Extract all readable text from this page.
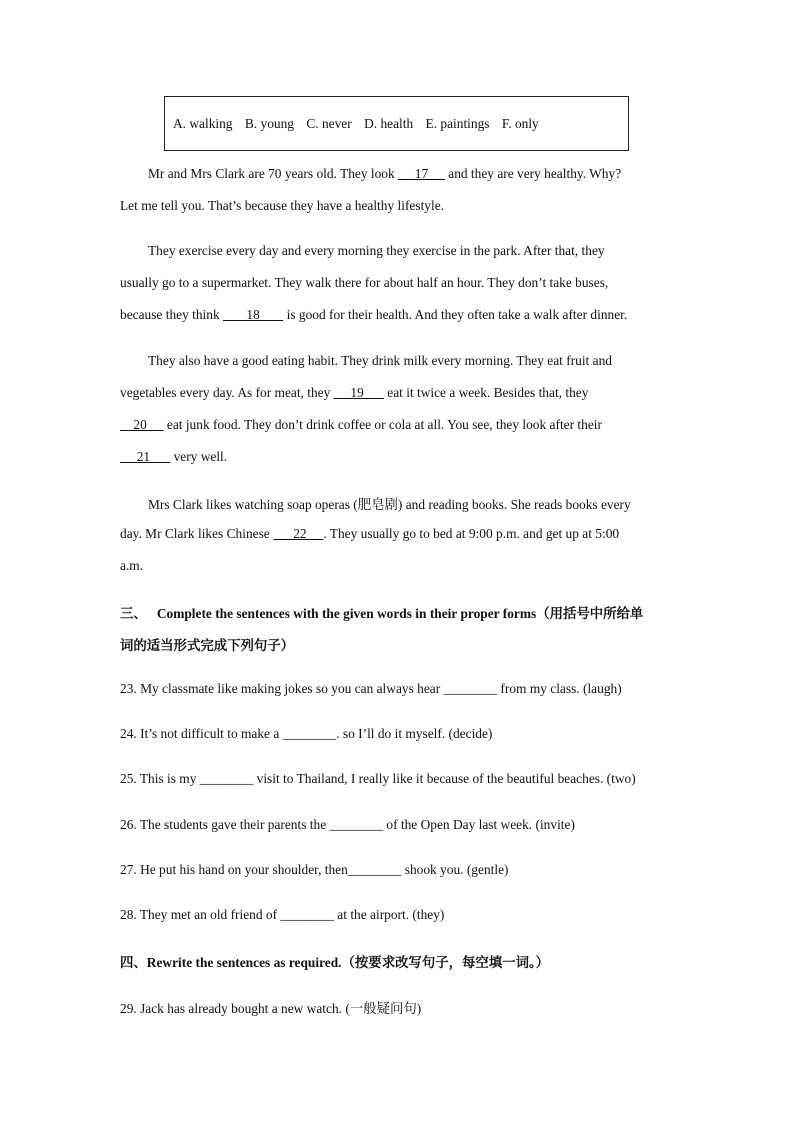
A. walking B. young C. never D. health E. paintings F. only
Mr and Mrs Clark are 70 years old. They look      17      and they are very healthy. Why?
Let me tell you. That’s because they have a healthy lifestyle.
They exercise every day and every morning they exercise in the park. After that, they
usually go to a supermarket. They walk there for about half an hour. They don’t take buses,
because they think        18        is good for their health. And they often take a walk after dinner.
They also have a good eating habit. They drink milk every morning. They eat fruit and
vegetables every day. As for meat, they      19       eat it twice a week. Besides that, they
20      eat junk food. They don’t drink coffee or cola at all. You see, they look after their
21       very well.
Mrs Clark likes watching soap operas (肥皂剧) and reading books. She reads books every
day. Mr Clark likes Chinese       22     . They usually go to bed at 9:00 p.m. and get up at 5:00
a.m.
三、 Complete the sentences with the given words in their proper forms（用括号中所给单
词的适当形式完成下列句子）
23. My classmate like making jokes so you can always hear ________ from my class. (laugh)
24. It’s not difficult to make a ________. so I’ll do it myself. (decide)
25. This is my ________ visit to Thailand, I really like it because of the beautiful beaches. (two)
26. The students gave their parents the ________ of the Open Day last week. (invite)
27. He put his hand on your shoulder, then________ shook you. (gentle)
28. They met an old friend of ________ at the airport. (they)
四、Rewrite the sentences as required.（按要求改写句子，每空填一词。）
29. Jack has already bought a new watch. (一般疑问句)
